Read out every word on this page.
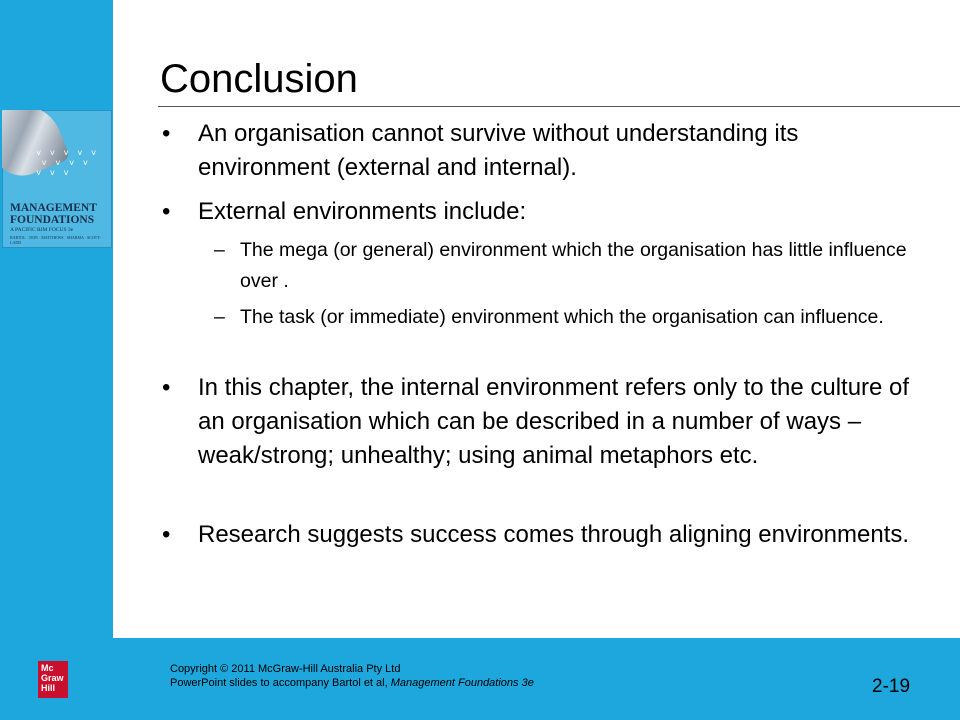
˅ ˅ ˅ ˅ ˅
˅ ˅ ˅ ˅
˅ ˅ ˅
MANAGEMENT
FOUNDATIONS
A PACIFIC RIM FOCUS 3e
BARTOL · TEIN · MATTHEWS · SHARMA · SCOTT-LADD
Conclusion
• An organisation cannot survive without understanding its environment (external and internal).
• External environments include:
– The mega (or general) environment which the organisation has little influence over .
– The task (or immediate) environment which the organisation can influence.
• In this chapter, the internal environment refers only to the culture of an organisation which can be described in a number of ways – weak/strong; unhealthy; using animal metaphors etc.
• Research suggests success comes through aligning environments.
Mc
Graw
Hill
Copyright © 2011 McGraw-Hill Australia Pty Ltd
PowerPoint slides to accompany Bartol et al, Management Foundations 3e	2-19
